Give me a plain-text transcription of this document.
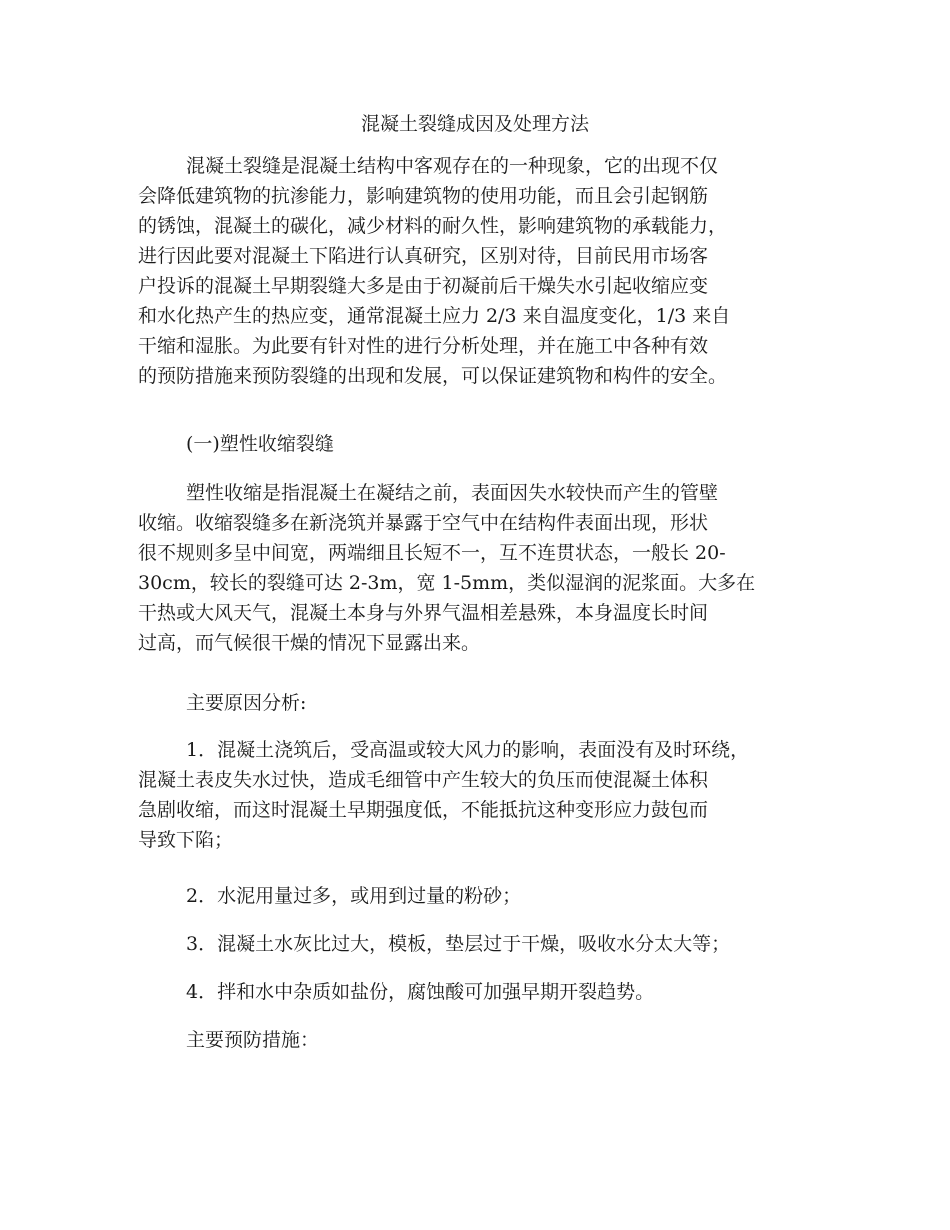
混凝土裂缝成因及处理方法
混凝土裂缝是混凝土结构中客观存在的一种现象，它的出现不仅
会降低建筑物的抗渗能力，影响建筑物的使用功能，而且会引起钢筋
的锈蚀，混凝土的碳化，减少材料的耐久性，影响建筑物的承载能力，
进行因此要对混凝土下陷进行认真研究，区别对待，目前民用市场客
户投诉的混凝土早期裂缝大多是由于初凝前后干燥失水引起收缩应变
和水化热产生的热应变，通常混凝土应力 2/3 来自温度变化，1/3 来自
干缩和湿胀。为此要有针对性的进行分析处理，并在施工中各种有效
的预防措施来预防裂缝的出现和发展，可以保证建筑物和构件的安全。
(一)塑性收缩裂缝
塑性收缩是指混凝土在凝结之前，表面因失水较快而产生的管壁
收缩。收缩裂缝多在新浇筑并暴露于空气中在结构件表面出现，形状
很不规则多呈中间宽，两端细且长短不一，互不连贯状态，一般长 20-
30cm，较长的裂缝可达 2-3m，宽 1-5mm，类似湿润的泥浆面。大多在
干热或大风天气，混凝土本身与外界气温相差悬殊，本身温度长时间
过高，而气候很干燥的情况下显露出来。
主要原因分析:
1．混凝土浇筑后，受高温或较大风力的影响，表面没有及时环绕，
混凝土表皮失水过快，造成毛细管中产生较大的负压而使混凝土体积
急剧收缩，而这时混凝土早期强度低，不能抵抗这种变形应力鼓包而
导致下陷；
2．水泥用量过多，或用到过量的粉砂；
3．混凝土水灰比过大，模板，垫层过于干燥，吸收水分太大等；
4．拌和水中杂质如盐份，腐蚀酸可加强早期开裂趋势。
主要预防措施：
